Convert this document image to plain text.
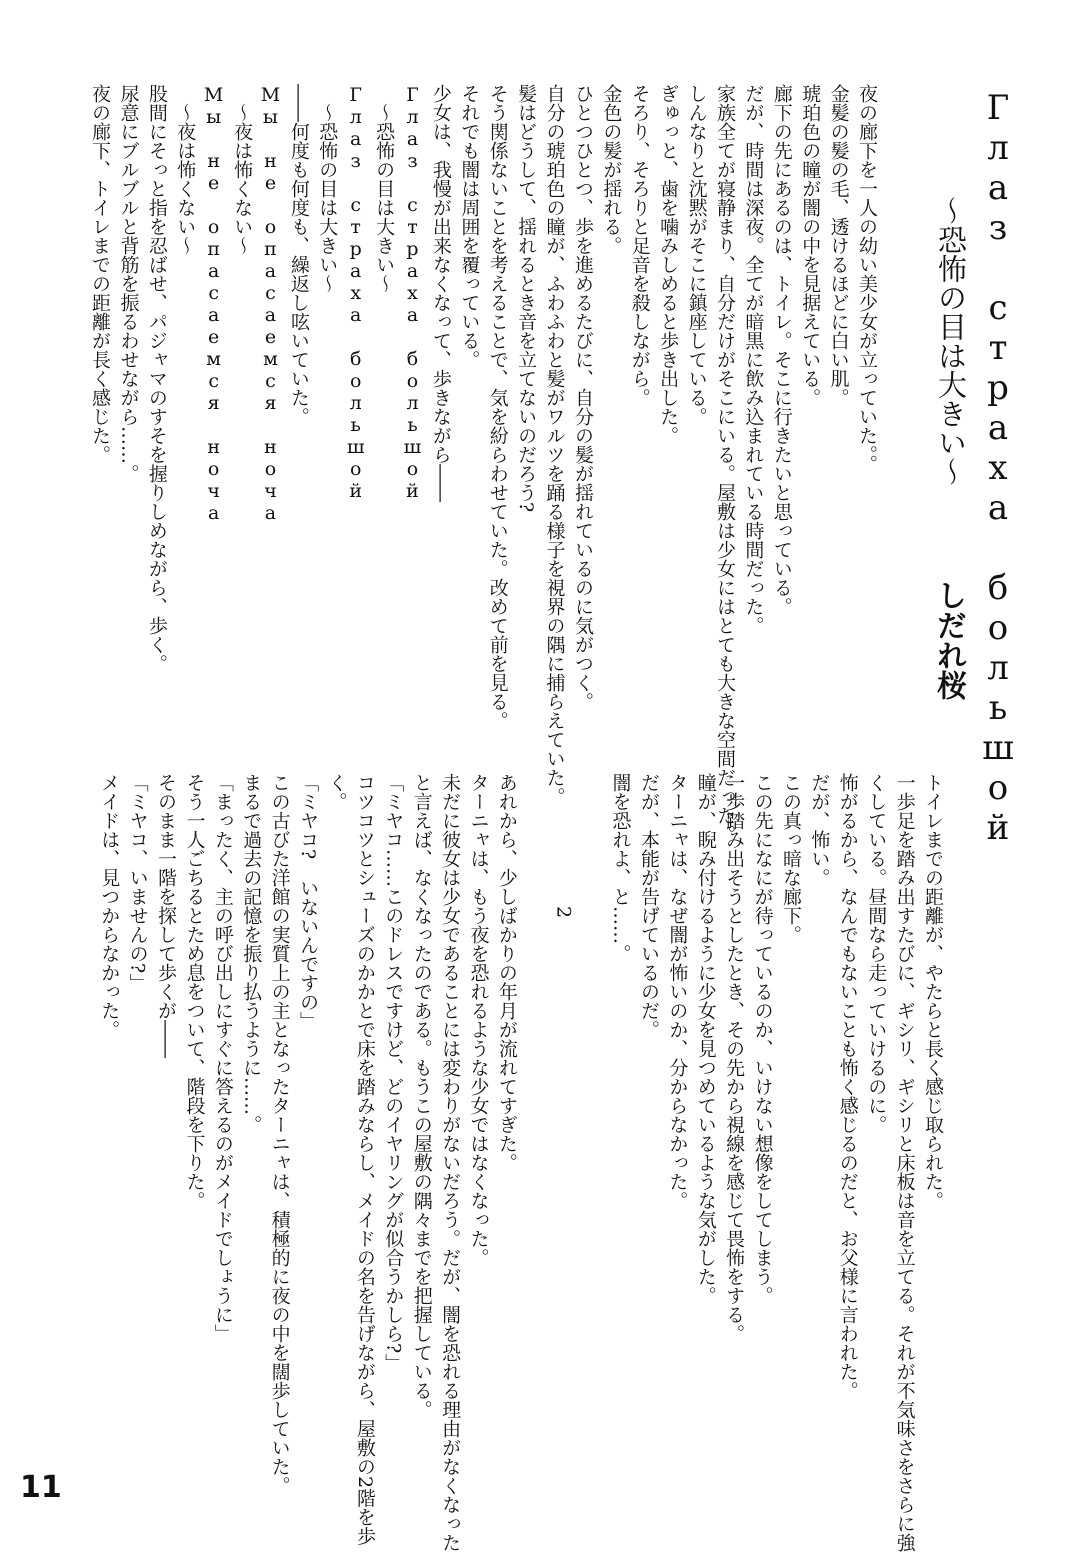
Глаз страха большой
～恐怖の目は大きい～
しだれ桜
夜の廊下を一人の幼い美少女が立っていた。。
金髪の髪の毛、透けるほどに白い肌。
琥珀色の瞳が闇の中を見据えている。
廊下の先にあるのは、トイレ。そこに行きたいと思っている。
だが、時間は深夜。全てが暗黒に飲み込まれている時間だった。
家族全てが寝静まり、自分だけがそこにいる。屋敷は少女にはとても大きな空間だった。
しんなりと沈黙がそこに鎮座している。
ぎゅっと、歯を噛みしめると歩き出した。
そろり、そろりと足音を殺しながら。
金色の髪が揺れる。
ひとつひとつ、歩を進めるたびに、自分の髪が揺れているのに気がつく。
自分の琥珀色の瞳が、ふわふわと髪がワルツを踊る様子を視界の隅に捕らえていた。
髪はどうして、揺れるとき音を立てないのだろう?
そう関係ないことを考えることで、気を紛らわせていた。改めて前を見る。
それでも闇は周囲を覆っている。
少女は、我慢が出来なくなって、歩きながら――
Глаз страха большой
　～恐怖の目は大きい～
Глаз страха большой
　～恐怖の目は大きい～
――何度も何度も、繰返し呟いていた。
Мы не опасаемся ноча
　～夜は怖くない～
Мы не опасаемся ноча
　～夜は怖くない～
股間にそっと指を忍ばせ、パジャマのすそを握りしめながら、歩く。
尿意にブルブルと背筋を振るわせながら……。
夜の廊下、トイレまでの距離が長く感じた。
トイレまでの距離が、やたらと長く感じ取られた。
一歩足を踏み出すたびに、ギシリ、ギシリと床板は音を立てる。それが不気味さをさらに強
くしている。昼間なら走っていけるのに。
怖がるから、なんでもないことも怖く感じるのだと、お父様に言われた。
だが、怖い。
この真っ暗な廊下。
この先になにが待っているのか、いけない想像をしてしまう。
一歩踏み出そうとしたとき、その先から視線を感じて畏怖をする。
瞳が、睨み付けるように少女を見つめているような気がした。
ターニャは、なぜ闇が怖いのか、分からなかった。
だが、本能が告げているのだ。
闇を恐れよ、と……。

　　　　　　　2

あれから、少しばかりの年月が流れてすぎた。
ターニャは、もう夜を恐れるような少女ではなくなった。
未だに彼女は少女であることには変わりがないだろう。だが、闇を恐れる理由がなくなった
と言えば、なくなったのである。もうこの屋敷の隅々までを把握している。
「ミヤコ……このドレスですけど、どのイヤリングが似合うかしら?」
コツコツとシューズのかかとで床を踏みならし、メイドの名を告げながら、屋敷の2階を歩
く。
「ミヤコ?　いないんですの」
この古びた洋館の実質上の主となったターニャは、積極的に夜の中を闊歩していた。
まるで過去の記憶を振り払うように……。
「まったく、主の呼び出しにすぐに答えるのがメイドでしょうに」
そう一人ごちるとため息をついて、階段を下りた。
そのまま一階を探して歩くが――
「ミヤコ、いませんの?」
メイドは、見つからなかった。
11
